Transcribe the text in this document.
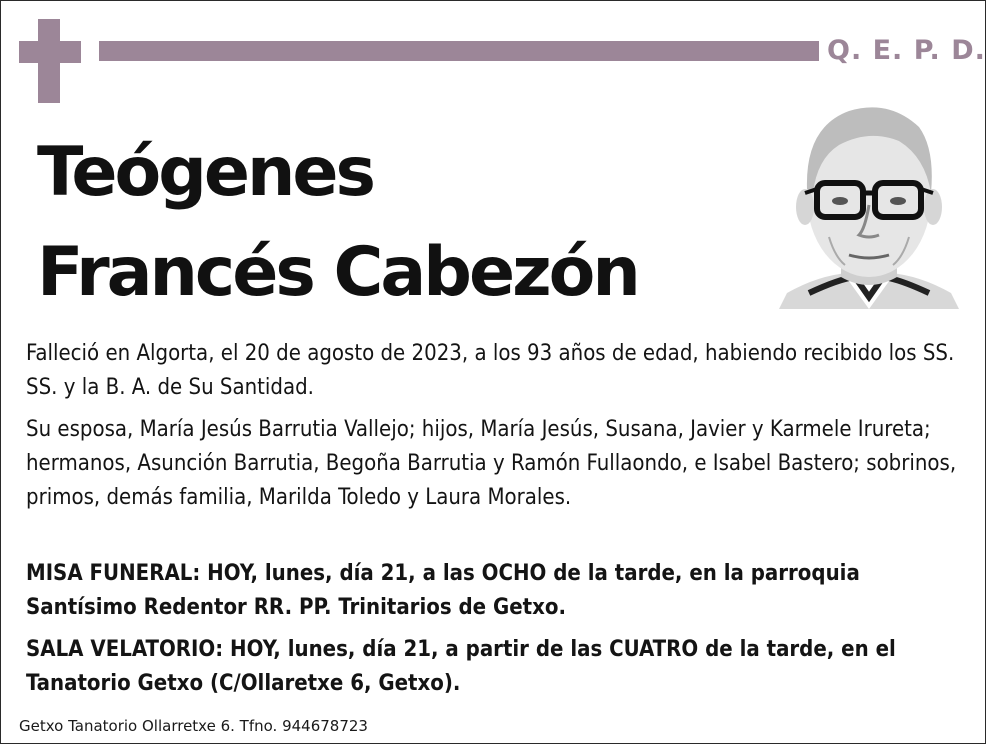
Q. E. P. D.
Teógenes
Francés Cabezón
Falleció en Algorta, el 20 de agosto de 2023, a los 93 años de edad, habiendo recibido los SS. SS. y la B. A. de Su Santidad.
Su esposa, María Jesús Barrutia Vallejo; hijos, María Jesús, Susana, Javier y Karmele Irureta; hermanos, Asunción Barrutia, Begoña Barrutia y Ramón Fullaondo, e Isabel Bastero; sobrinos, primos, demás familia, Marilda Toledo y Laura Morales.
MISA FUNERAL: HOY, lunes, día 21, a las OCHO de la tarde, en la parroquia Santísimo Redentor RR. PP. Trinitarios de Getxo.
SALA VELATORIO: HOY, lunes, día 21, a partir de las CUATRO de la tarde, en el Tanatorio Getxo (C/Ollaretxe 6, Getxo).
Getxo Tanatorio Ollarretxe 6. Tfno. 944678723
